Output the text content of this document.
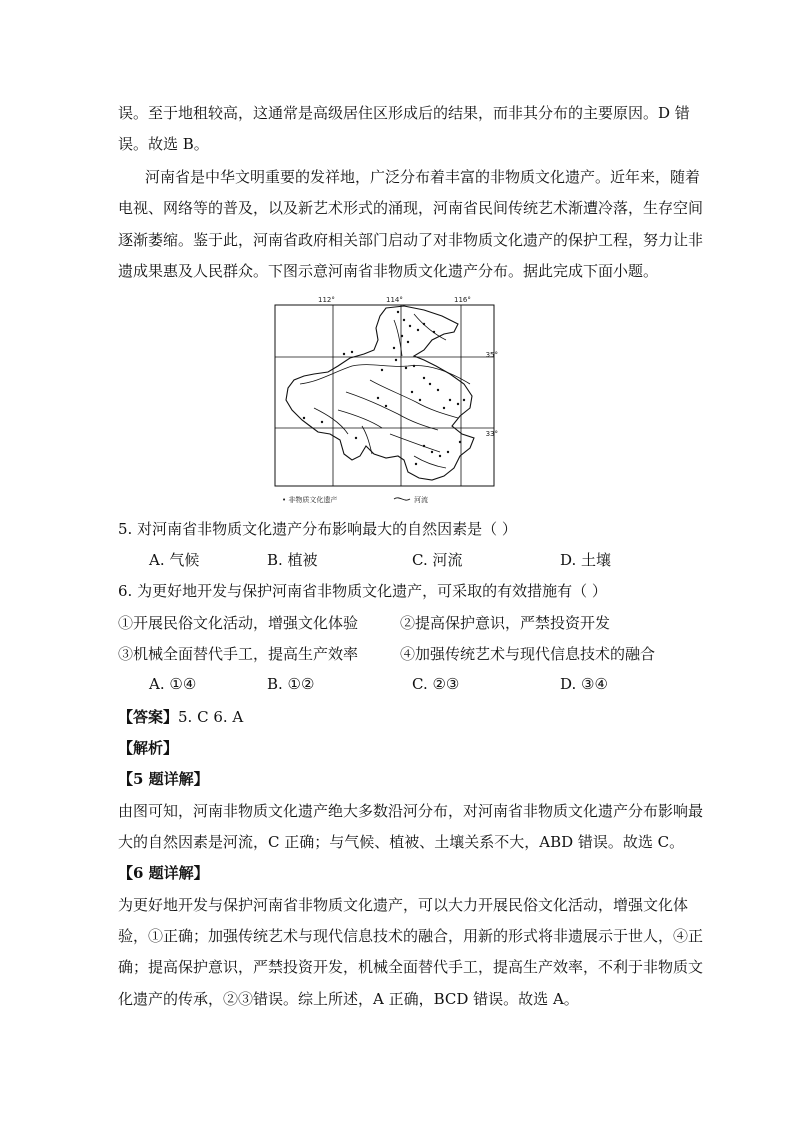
误。至于地租较高，这通常是高级居住区形成后的结果，而非其分布的主要原因。D 错
误。故选 B。
河南省是中华文明重要的发祥地，广泛分布着丰富的非物质文化遗产。近年来，随着
电视、网络等的普及，以及新艺术形式的涌现，河南省民间传统艺术渐遭冷落，生存空间
逐渐萎缩。鉴于此，河南省政府相关部门启动了对非物质文化遗产的保护工程，努力让非
遗成果惠及人民群众。下图示意河南省非物质文化遗产分布。据此完成下面小题。
112°	114°	116°
35°
33°
• 非物质文化遗产	河流
5. 对河南省非物质文化遗产分布影响最大的自然因素是（ ）
A. 气候	B. 植被	C. 河流	D. 土壤
6. 为更好地开发与保护河南省非物质文化遗产，可采取的有效措施有（ ）
①开展民俗文化活动，增强文化体验	②提高保护意识，严禁投资开发
③机械全面替代手工，提高生产效率	④加强传统艺术与现代信息技术的融合
A. ①④	B. ①②	C. ②③	D. ③④
【答案】5. C 6. A
【解析】
【5 题详解】
由图可知，河南非物质文化遗产绝大多数沿河分布，对河南省非物质文化遗产分布影响最
大的自然因素是河流，C 正确；与气候、植被、土壤关系不大，ABD 错误。故选 C。
【6 题详解】
为更好地开发与保护河南省非物质文化遗产，可以大力开展民俗文化活动，增强文化体
验，①正确；加强传统艺术与现代信息技术的融合，用新的形式将非遗展示于世人，④正
确；提高保护意识，严禁投资开发，机械全面替代手工，提高生产效率，不利于非物质文
化遗产的传承，②③错误。综上所述，A 正确，BCD 错误。故选 A。
